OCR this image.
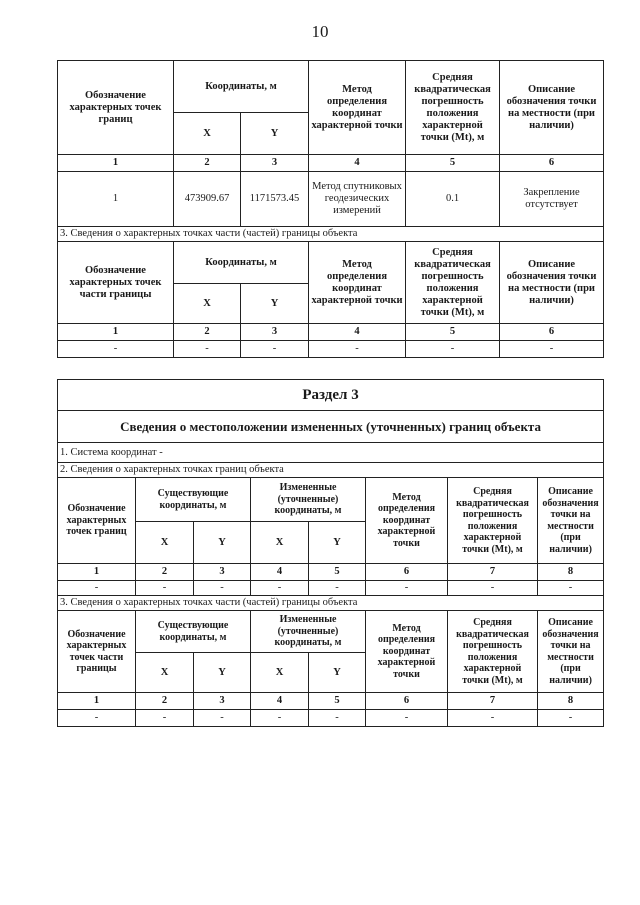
10
Обозначение характерных точек границ	Координаты, м		Метод определения координат характерной точки	Средняя квадратическая погрешность положения характерной точки (Mt), м	Описание обозначения точки на местности (при наличии)
	X	Y			
1	2	3	4	5	6
1	473909.67	1171573.45	Метод спутниковых геодезических измерений	0.1	Закрепление отсутствует
3. Сведения о характерных точках части (частей) границы объекта					
Обозначение характерных точек части границы	Координаты, м		Метод определения координат характерной точки	Средняя квадратическая погрешность положения характерной точки (Mt), м	Описание обозначения точки на местности (при наличии)
	X	Y			
1	2	3	4	5	6
-	-	-	-	-	-
Раздел 3							
Сведения о местоположении измененных (уточненных) границ объекта							
1. Система координат -							
2. Сведения о характерных точках границ объекта							
Обозначение характерных точек границ	Существующие координаты, м		Измененные (уточненные) координаты, м		Метод определения координат характерной точки	Средняя квадратическая погрешность положения характерной точки (Mt), м	Описание обозначения точки на местности (при наличии)
	X	Y	X	Y			
1	2	3	4	5	6	7	8
-	-	-	-	-	-	-	-
3. Сведения о характерных точках части (частей) границы объекта							
Обозначение характерных точек части границы	Существующие координаты, м		Измененные (уточненные) координаты, м		Метод определения координат характерной точки	Средняя квадратическая погрешность положения характерной точки (Mt), м	Описание обозначения точки на местности (при наличии)
	X	Y	X	Y			
1	2	3	4	5	6	7	8
-	-	-	-	-	-	-	-
